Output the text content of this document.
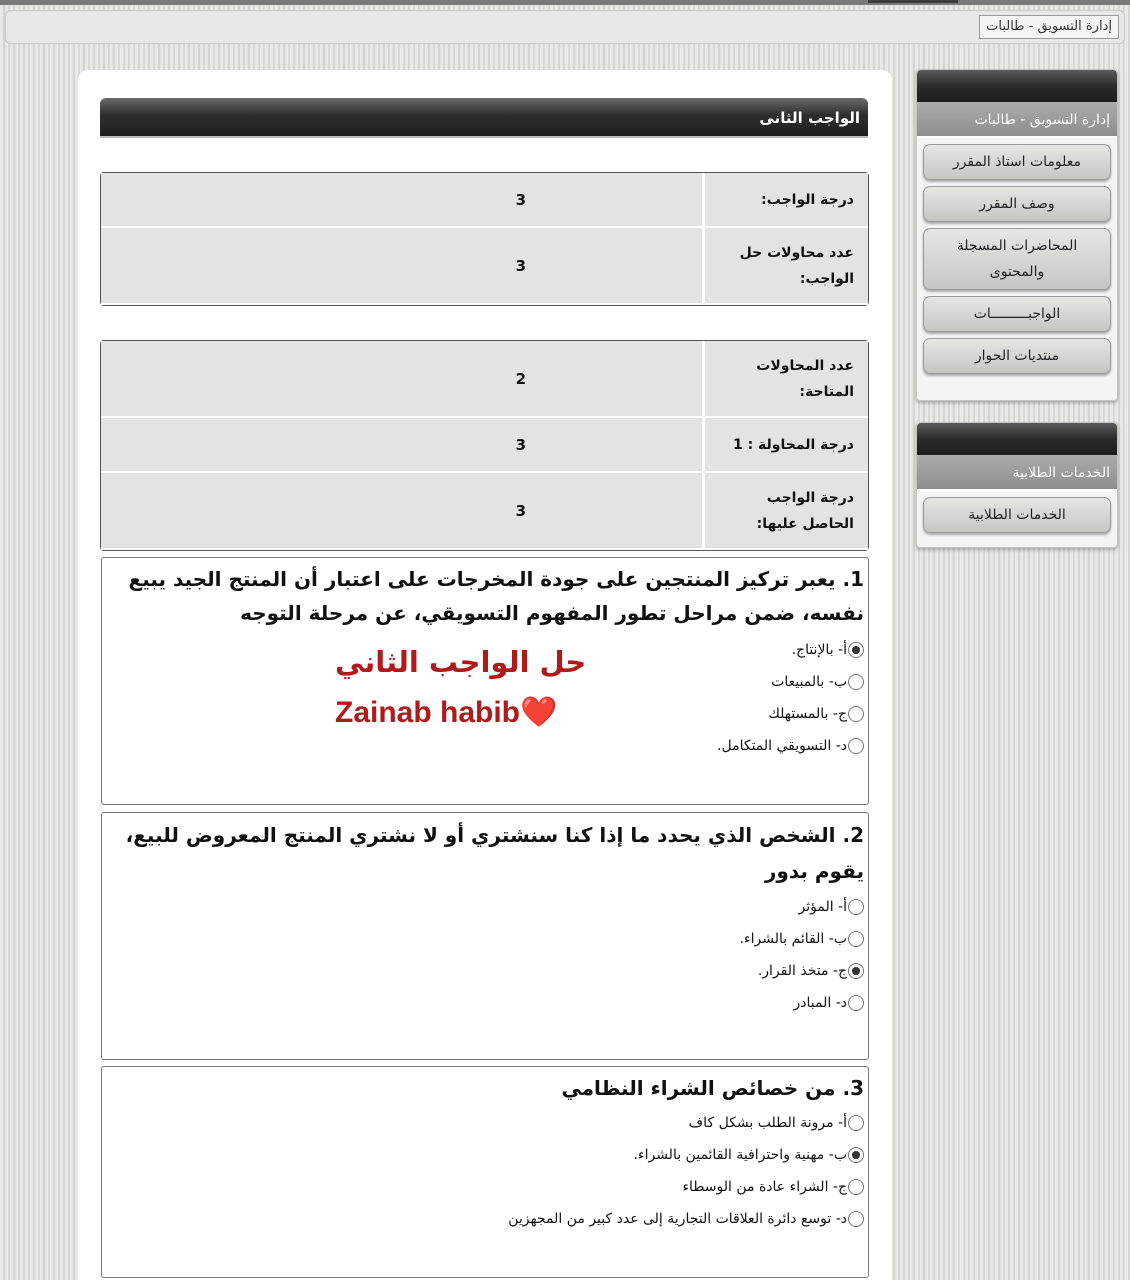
إدارة التسويق - طالبات
الواجب الثانى
درجة الواجب:	3
عدد محاولات حل الواجب:	3
عدد المحاولات المتاحة:	2
درجة المحاولة : 1	3
درجة الواجب الحاصل عليها:	3
1. يعبر تركيز المنتجين على جودة المخرجات على اعتبار أن المنتج الجيد يبيع نفسه، ضمن مراحل تطور المفهوم التسويقي، عن مرحلة التوجه
أ- بالإنتاج.
ب- بالمبيعات
ج- بالمستهلك
د- التسويقي المتكامل.
حل الواجب الثاني
Zainab habib❤️
2. الشخص الذي يحدد ما إذا كنا سنشتري أو لا نشتري المنتج المعروض للبيع، يقوم بدور
أ- المؤثر
ب- القائم بالشراء.
ج- متخذ القرار.
د- المبادر
3. من خصائص الشراء النظامي
أ- مرونة الطلب بشكل كاف
ب- مهنية واحترافية القائمين بالشراء.
ج- الشراء عادة من الوسطاء
د- توسع دائرة العلاقات التجارية إلى عدد كبير من المجهزين
إدارة التسويق - طالبات
معلومات استاذ المقرر
وصف المقرر
المحاضرات المسجلة والمحتوى
الواجبـــــــــات
منتديات الحوار
الخدمات الطلابية
الخدمات الطلابية
